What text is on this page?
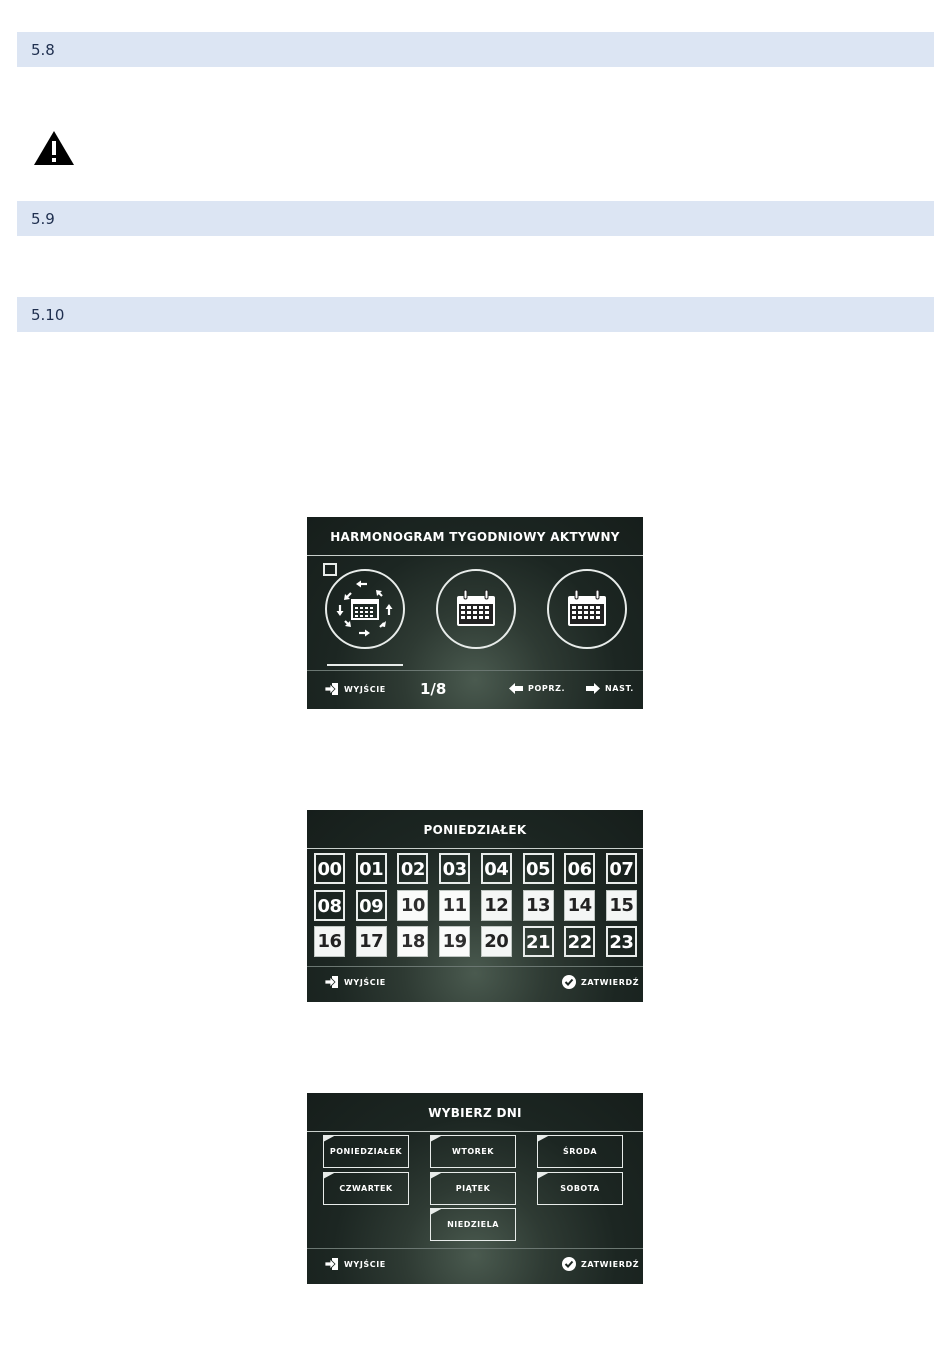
5.8
5.9
5.10
HARMONOGRAM TYGODNIOWY AKTYWNY
WYJŚCIE 1/8	POPRZ.	NAST.
PONIEDZIAŁEK
00 01 02 03 04 05 06 07
08 09 10 11 12 13 14 15
16 17 18 19 20 21 22 23
WYJŚCIE	ZATWIERDŹ
WYBIERZ DNI
PONIEDZIAŁEK	WTOREK	ŚRODA
CZWARTEK	PIĄTEK	SOBOTA
NIEDZIELA
WYJŚCIE	ZATWIERDŹ
